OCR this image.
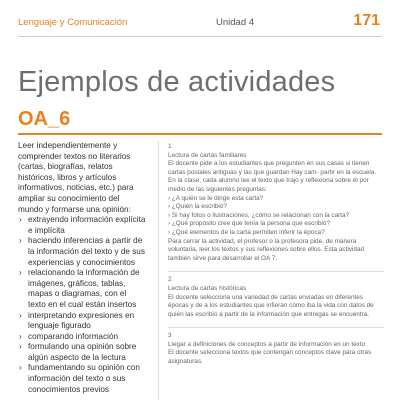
Lenguaje y Comunicación	Unidad 4	171
Ejemplos de actividades
OA_6

Leer independientemente y comprender textos no literarios (cartas, biografías, relatos históricos, libros y artículos informativos, noticias, etc.) para ampliar su conocimiento del mundo y formarse una opinión:

› extrayendo información explícita e implícita
› haciendo inferencias a partir de la información del texto y de sus experiencias y conocimientos
› relacionando la información de imágenes, gráficos, tablas, mapas o diagramas, con el texto en el cual están insertos
› interpretando expresiones en lenguaje figurado
› comparando información
› formulando una opinión sobre algún aspecto de la lectura
› fundamentando su opinión con información del texto o sus conocimientos previos

1

Lectura de cartas familiares

El docente pide a los estudiantes que pregunten en sus casas si tienen cartas postales antiguas y las que guardan Hay cam- partir en la escuela. En la clase, cada alumno lee el texto que trajo y reflexiona sobre él por medio de las siguientes preguntas:

› ¿A quién se le dirige esta carta?

› ¿Quién la escribió?

› Si hay fotos o ilustraciones, ¿cómo se relacionan con la carta?

› ¿Qué propósito cree que tenía la persona que escribió?

› ¿Qué elementos de la carta permiten inferir la época?

Para cerrar la actividad, el profesor o la profesora pide, de manera voluntaria, leer los textos y sus reflexiones sobre ellos. Esta actividad también sirve para desarrollar el OA 7.

2

Lectura de cartas históricas

El docente selecciona una variedad de cartas enviadas en diferentes épocas y de a los estudiantes que infieran cómo iba la vida con datos de quién las escribió a partir de la información que entregas se encuentra.

3

Llegar a definiciones de conceptos a partir de información en un texto

El docente selecciona textos que contengan conceptos clave para otras asignaturas.
